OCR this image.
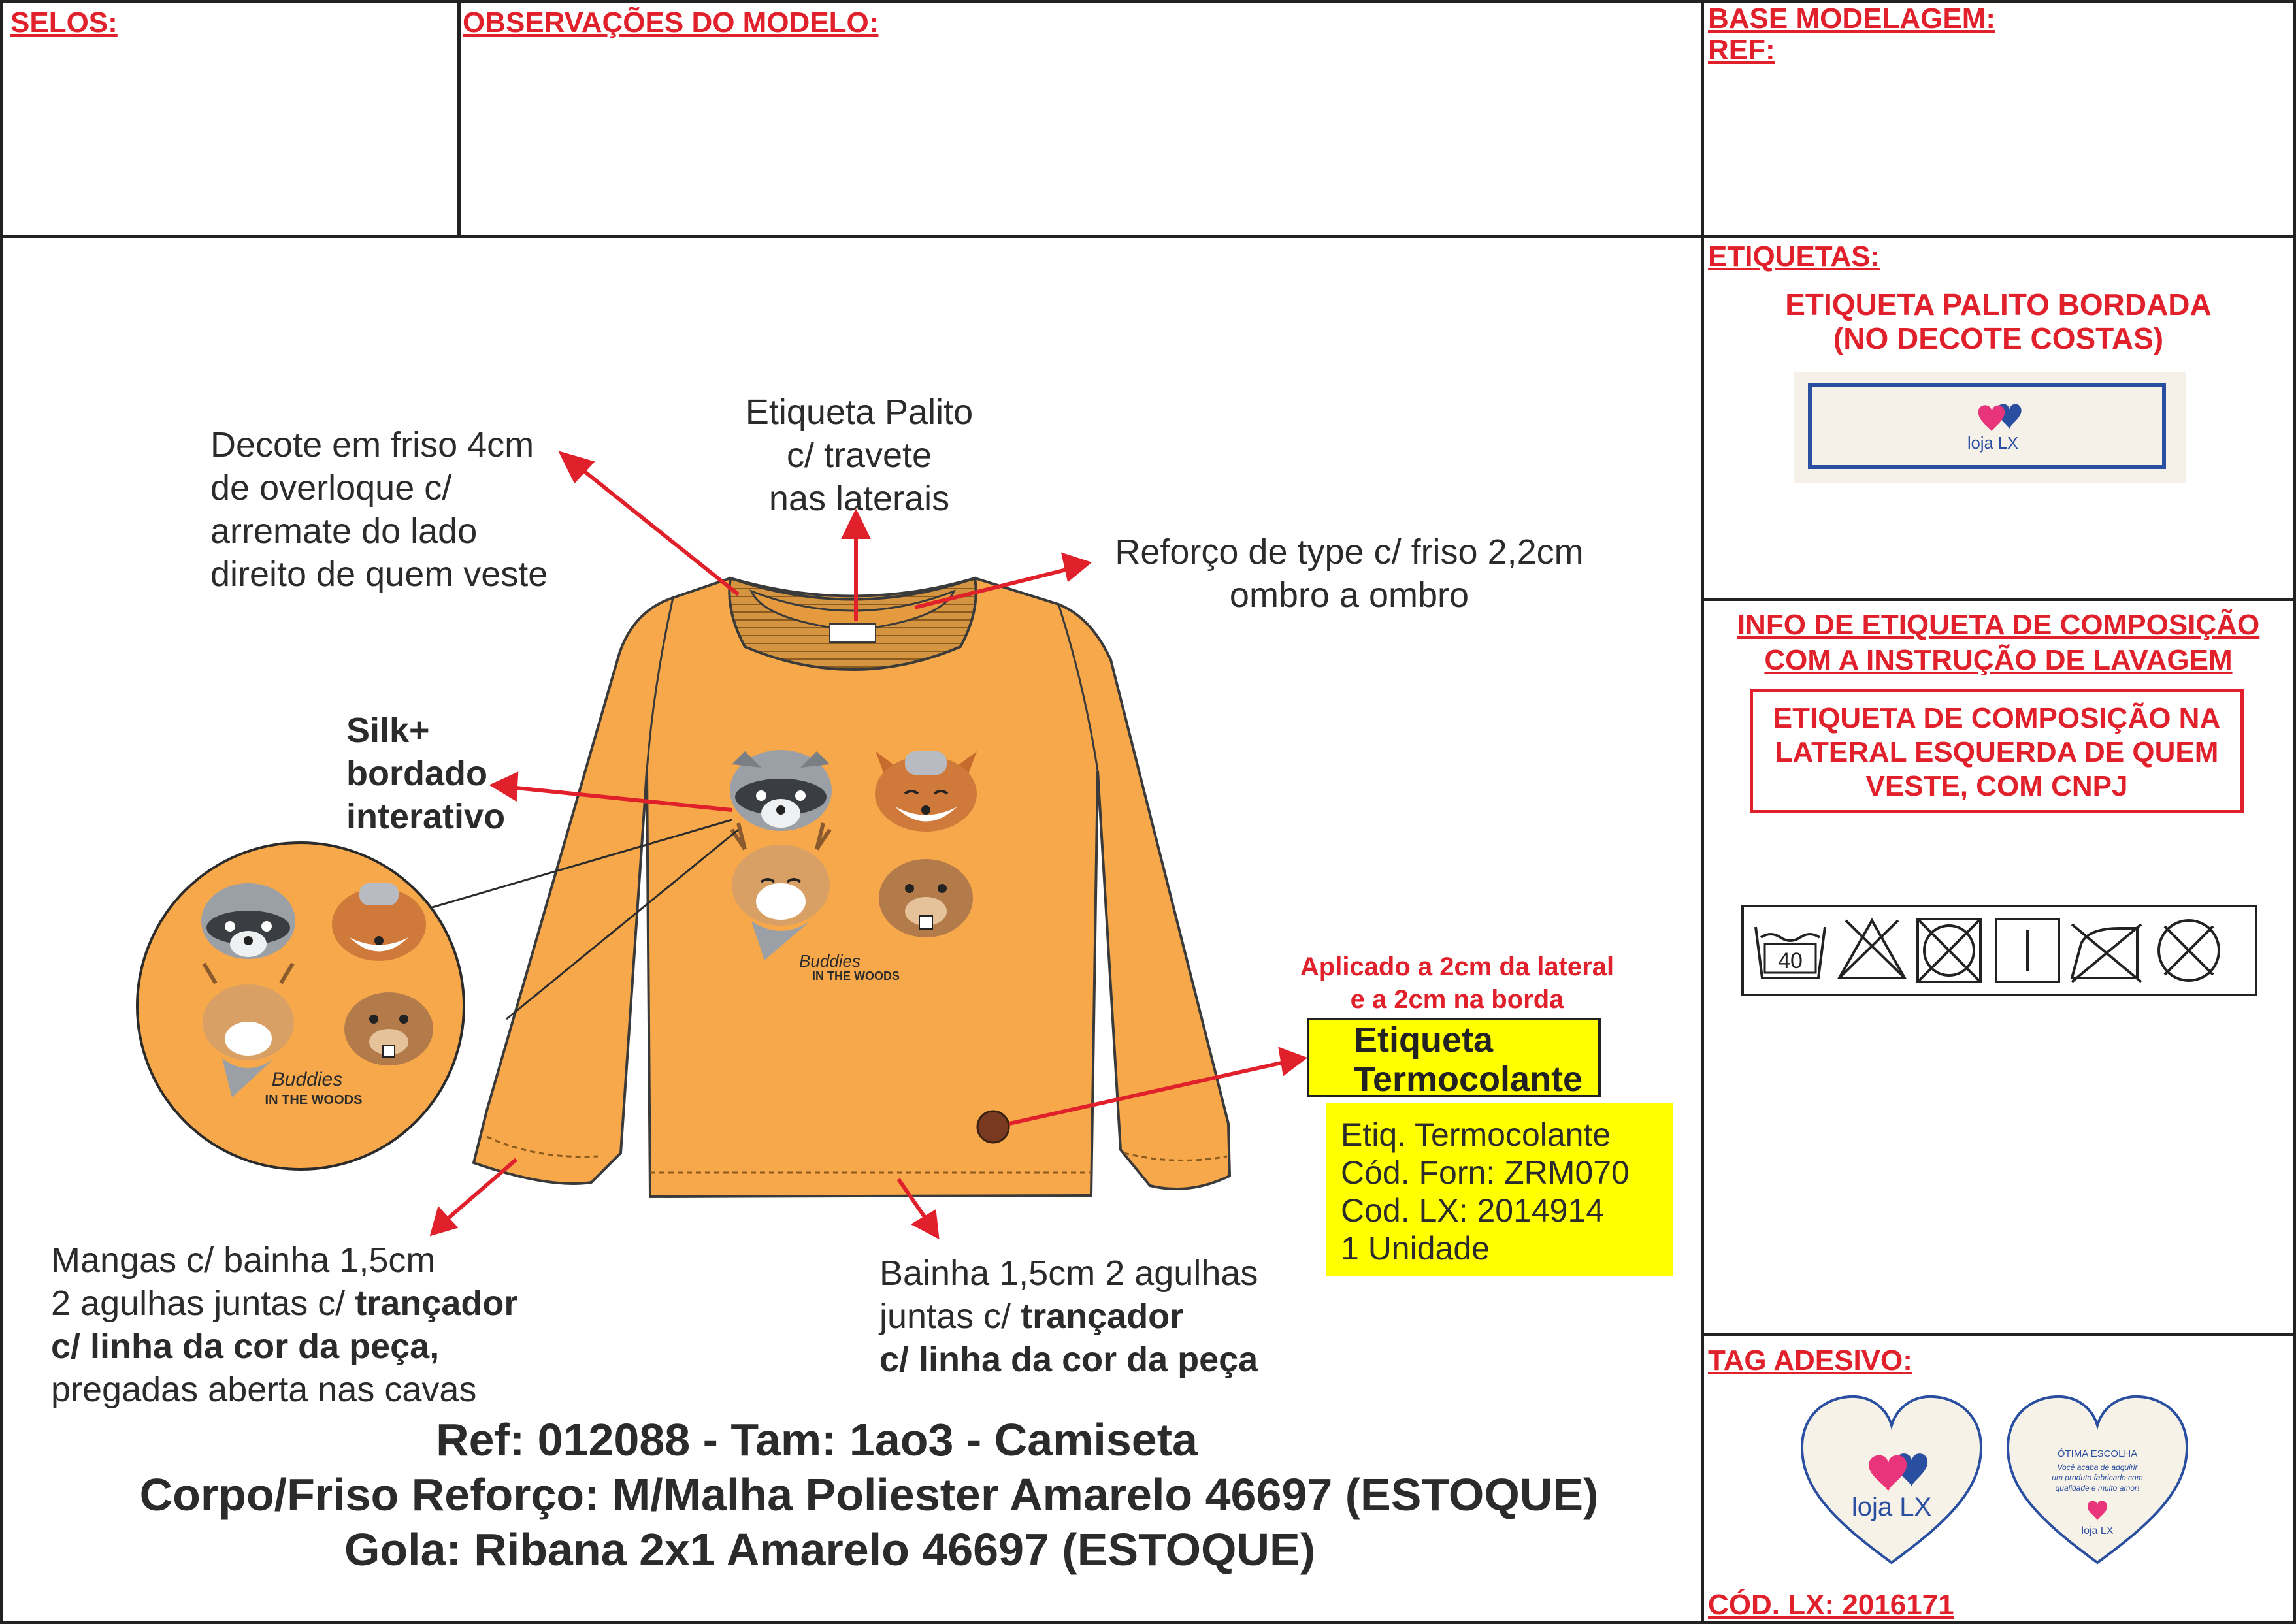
SELOS:	OBSERVAÇÕES DO MODELO:	BASE MODELAGEM:
REF:
ETIQUETAS:
ETIQUETA PALITO BORDADA
(NO DECOTE COSTAS)
loja LX
INFO DE ETIQUETA DE COMPOSIÇÃO
COM A INSTRUÇÃO DE LAVAGEM
ETIQUETA DE COMPOSIÇÃO NA
LATERAL ESQUERDA DE QUEM
VESTE, COM CNPJ
40
TAG ADESIVO:
loja LX
ÓTIMA ESCOLHA
Você acaba de adquirir
um produto fabricado com
qualidade e muito amor!
loja LX
CÓD. LX: 2016171
Buddies
IN THE WOODS
Buddies
IN THE WOODS
Decote em friso 4cm
de overloque c/
arremate do lado
direito de quem veste
Etiqueta Palito
c/ travete
nas laterais
Reforço de type c/ friso 2,2cm
ombro a ombro
Silk+
bordado
interativo
Aplicado a 2cm da lateral
e a 2cm na borda
Etiqueta
Termocolante
Etiq. Termocolante
Cód. Forn: ZRM070
Cod. LX: 2014914
1 Unidade
Mangas c/ bainha 1,5cm
2 agulhas juntas c/ trançador
c/ linha da cor da peça,
pregadas aberta nas cavas
Bainha 1,5cm 2 agulhas
juntas c/ trançador
c/ linha da cor da peça
Ref: 012088 - Tam: 1ao3 - Camiseta
Corpo/Friso Reforço: M/Malha Poliester Amarelo 46697 (ESTOQUE)
Gola: Ribana 2x1 Amarelo 46697 (ESTOQUE)
